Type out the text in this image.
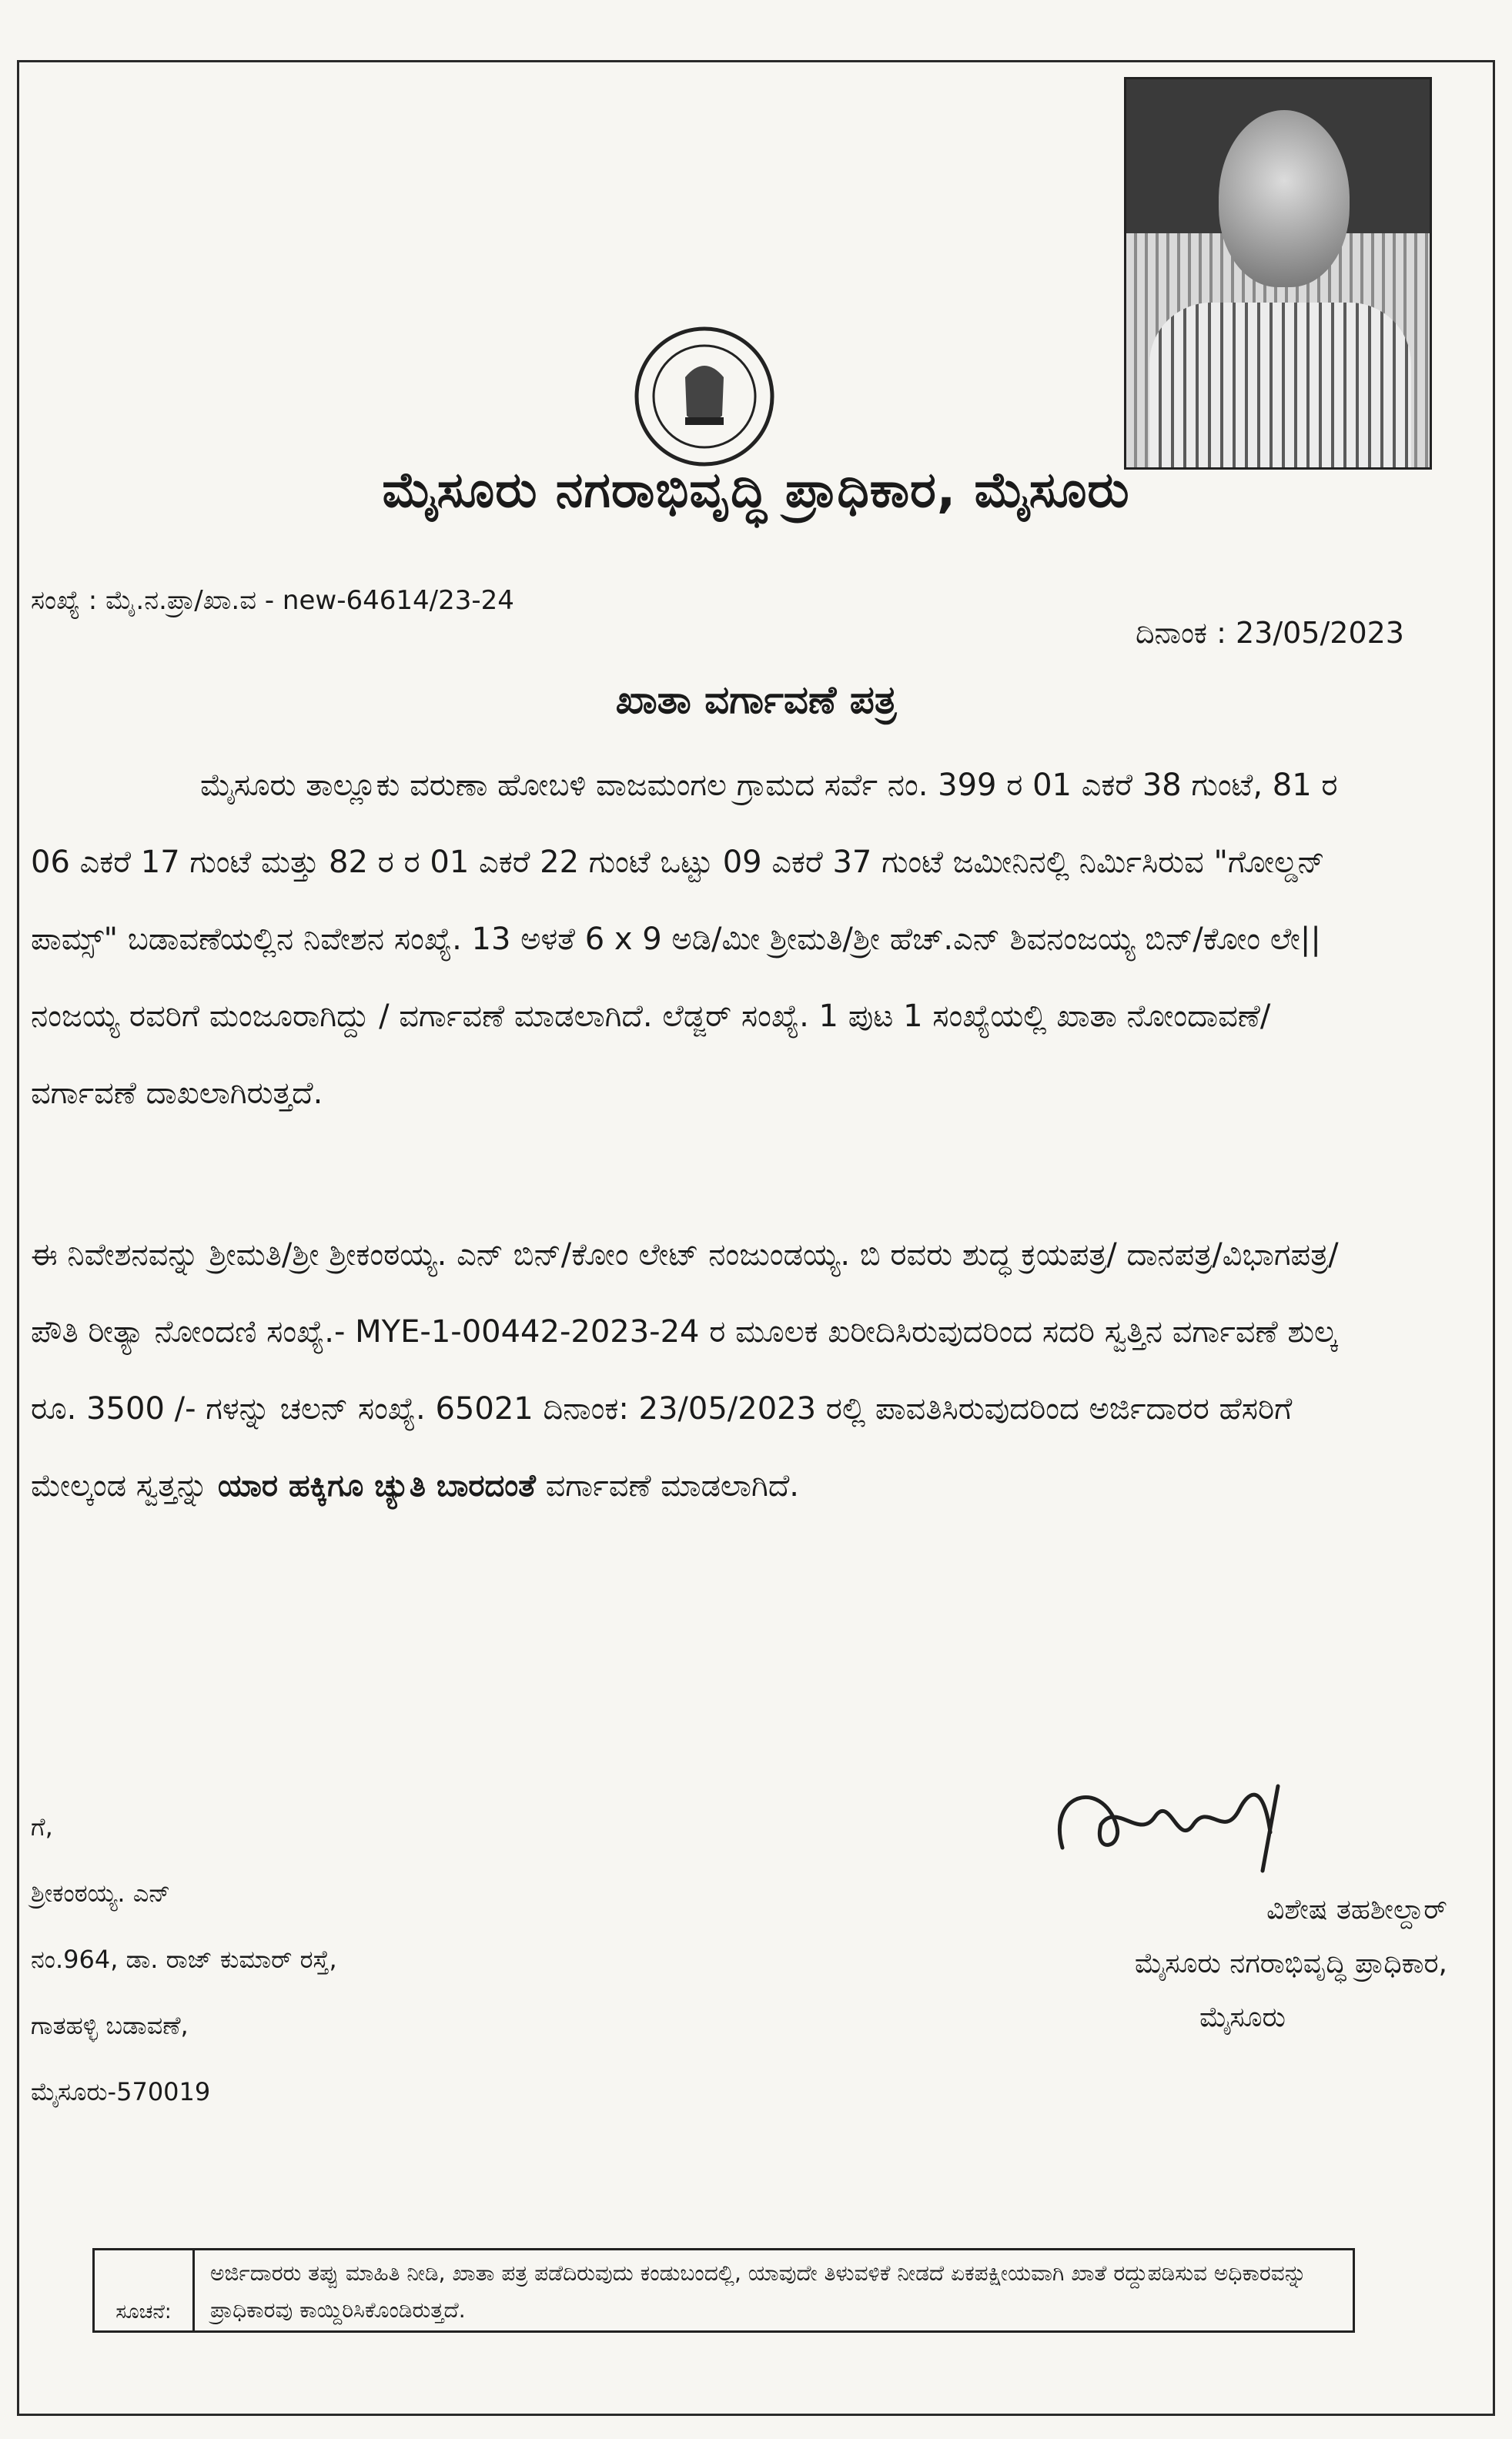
ಮೈಸೂರು ನಗರಾಭಿವೃದ್ಧಿ ಪ್ರಾಧಿಕಾರ, ಮೈಸೂರು
ಸಂಖ್ಯೆ : ಮೈ.ನ.ಪ್ರಾ/ಖಾ.ವ - new-64614/23-24
ದಿನಾಂಕ : 23/05/2023
ಖಾತಾ ವರ್ಗಾವಣೆ ಪತ್ರ
ಮೈಸೂರು ತಾಲ್ಲೂಕು ವರುಣಾ ಹೋಬಳಿ ವಾಜಮಂಗಲ ಗ್ರಾಮದ ಸರ್ವೆ ನಂ. 399 ರ 01 ಎಕರೆ 38 ಗುಂಟೆ, 81 ರ 06 ಎಕರೆ 17 ಗುಂಟೆ ಮತ್ತು 82 ರ ರ 01 ಎಕರೆ 22 ಗುಂಟೆ ಒಟ್ಟು 09 ಎಕರೆ 37 ಗುಂಟೆ ಜಮೀನಿನಲ್ಲಿ ನಿರ್ಮಿಸಿರುವ "ಗೋಲ್ಡನ್ ಪಾಮ್ಸ್" ಬಡಾವಣೆಯಲ್ಲಿನ ನಿವೇಶನ ಸಂಖ್ಯೆ. 13 ಅಳತೆ 6 x 9 ಅಡಿ/ಮೀ ಶ್ರೀಮತಿ/ಶ್ರೀ ಹೆಚ್.ಎನ್ ಶಿವನಂಜಯ್ಯ ಬಿನ್/ಕೋಂ ಲೇ|| ನಂಜಯ್ಯ ರವರಿಗೆ ಮಂಜೂರಾಗಿದ್ದು / ವರ್ಗಾವಣೆ ಮಾಡಲಾಗಿದೆ. ಲೆಡ್ಜರ್ ಸಂಖ್ಯೆ. 1 ಪುಟ 1 ಸಂಖ್ಯೆಯಲ್ಲಿ ಖಾತಾ ನೋಂದಾವಣೆ/ ವರ್ಗಾವಣೆ ದಾಖಲಾಗಿರುತ್ತದೆ.
ಈ ನಿವೇಶನವನ್ನು ಶ್ರೀಮತಿ/ಶ್ರೀ ಶ್ರೀಕಂಠಯ್ಯ. ಎನ್ ಬಿನ್/ಕೋಂ ಲೇಟ್ ನಂಜುಂಡಯ್ಯ. ಬಿ ರವರು ಶುದ್ಧ ಕ್ರಯಪತ್ರ/ ದಾನಪತ್ರ/ವಿಭಾಗಪತ್ರ/ಪೌತಿ ರೀತ್ಯಾ ನೋಂದಣಿ ಸಂಖ್ಯೆ.- MYE-1-00442-2023-24 ರ ಮೂಲಕ ಖರೀದಿಸಿರುವುದರಿಂದ ಸದರಿ ಸ್ವತ್ತಿನ ವರ್ಗಾವಣೆ ಶುಲ್ಕ ರೂ. 3500 /- ಗಳನ್ನು ಚಲನ್ ಸಂಖ್ಯೆ. 65021 ದಿನಾಂಕ: 23/05/2023 ರಲ್ಲಿ ಪಾವತಿಸಿರುವುದರಿಂದ ಅರ್ಜಿದಾರರ ಹೆಸರಿಗೆ ಮೇಲ್ಕಂಡ ಸ್ವತ್ತನ್ನು ಯಾರ ಹಕ್ಕಿಗೂ ಚ್ಯುತಿ ಬಾರದಂತೆ ವರ್ಗಾವಣೆ ಮಾಡಲಾಗಿದೆ.
ಗೆ,
ಶ್ರೀಕಂಠಯ್ಯ. ಎನ್
ನಂ.964, ಡಾ. ರಾಜ್ ಕುಮಾರ್ ರಸ್ತೆ,
ಗಾತಹಳ್ಳಿ ಬಡಾವಣೆ,
ಮೈಸೂರು-570019
ವಿಶೇಷ ತಹಶೀಲ್ದಾರ್
ಮೈಸೂರು ನಗರಾಭಿವೃದ್ಧಿ ಪ್ರಾಧಿಕಾರ,
ಮೈಸೂರು
ಸೂಚನೆ:
ಅರ್ಜಿದಾರರು ತಪ್ಪು ಮಾಹಿತಿ ನೀಡಿ, ಖಾತಾ ಪತ್ರ ಪಡೆದಿರುವುದು ಕಂಡುಬಂದಲ್ಲಿ, ಯಾವುದೇ ತಿಳುವಳಿಕೆ ನೀಡದೆ ಏಕಪಕ್ಷೀಯವಾಗಿ ಖಾತೆ ರದ್ದುಪಡಿಸುವ ಅಧಿಕಾರವನ್ನು ಪ್ರಾಧಿಕಾರವು ಕಾಯ್ದಿರಿಸಿಕೊಂಡಿರುತ್ತದೆ.
